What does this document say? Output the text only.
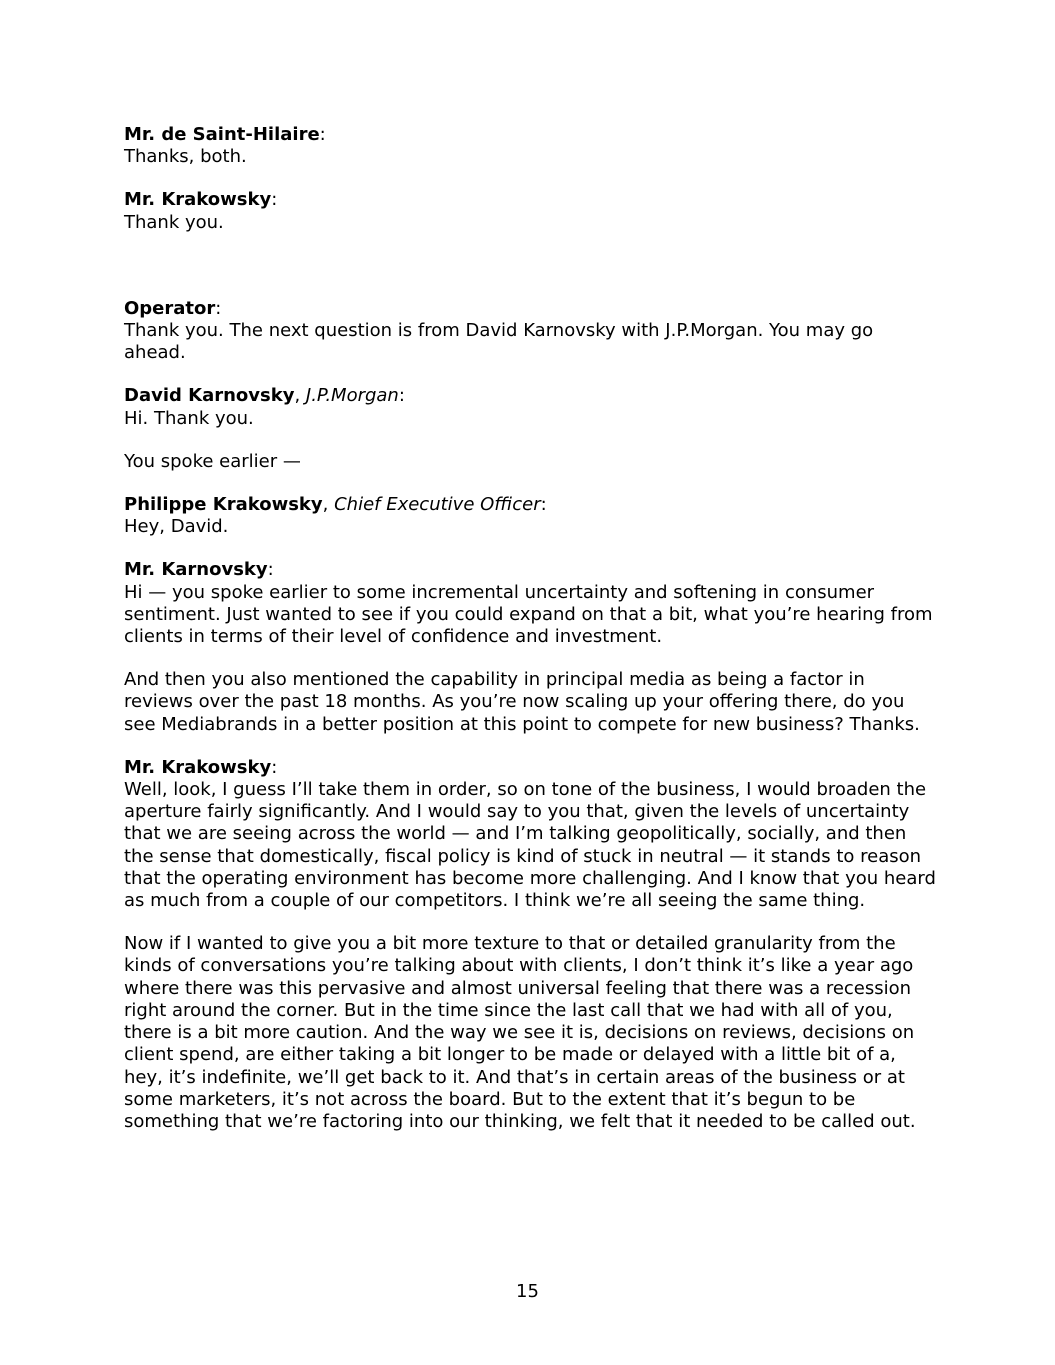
Mr. de Saint-Hilaire:
Thanks, both.
Mr. Krakowsky:
Thank you.
Operator:
Thank you. The next question is from David Karnovsky with J.P.Morgan. You may go ahead.
David Karnovsky, J.P.Morgan:
Hi. Thank you.
You spoke earlier —
Philippe Krakowsky, Chief Executive Officer:
Hey, David.
Mr. Karnovsky:
Hi — you spoke earlier to some incremental uncertainty and softening in consumer sentiment. Just wanted to see if you could expand on that a bit, what you’re hearing from clients in terms of their level of confidence and investment.
And then you also mentioned the capability in principal media as being a factor in reviews over the past 18 months. As you’re now scaling up your offering there, do you see Mediabrands in a better position at this point to compete for new business? Thanks.
Mr. Krakowsky:
Well, look, I guess I’ll take them in order, so on tone of the business, I would broaden the aperture fairly significantly. And I would say to you that, given the levels of uncertainty that we are seeing across the world — and I’m talking geopolitically, socially, and then the sense that domestically, fiscal policy is kind of stuck in neutral — it stands to reason that the operating environment has become more challenging. And I know that you heard as much from a couple of our competitors. I think we’re all seeing the same thing.
Now if I wanted to give you a bit more texture to that or detailed granularity from the kinds of conversations you’re talking about with clients, I don’t think it’s like a year ago where there was this pervasive and almost universal feeling that there was a recession right around the corner. But in the time since the last call that we had with all of you, there is a bit more caution. And the way we see it is, decisions on reviews, decisions on client spend, are either taking a bit longer to be made or delayed with a little bit of a, hey, it’s indefinite, we’ll get back to it. And that’s in certain areas of the business or at some marketers, it’s not across the board. But to the extent that it’s begun to be something that we’re factoring into our thinking, we felt that it needed to be called out.
15
